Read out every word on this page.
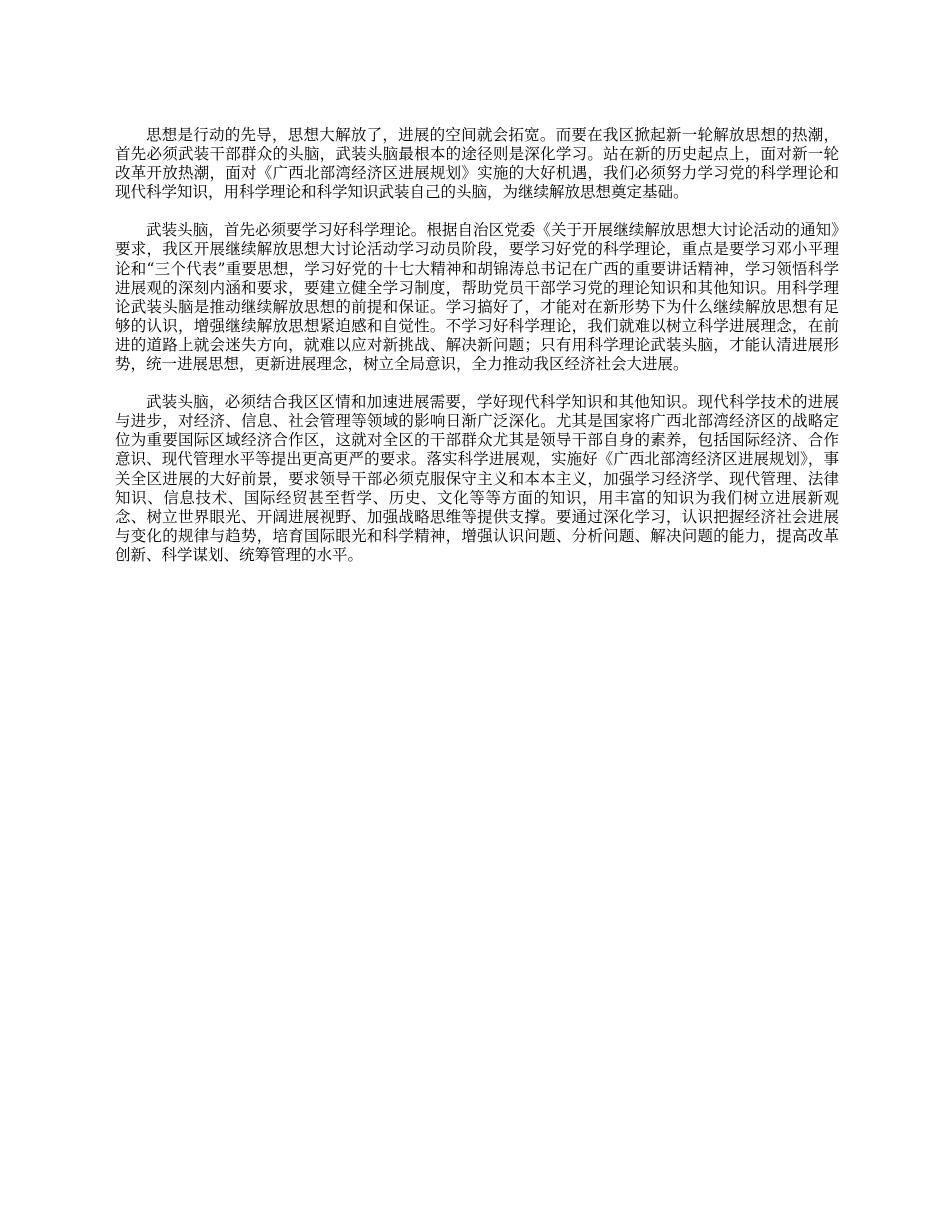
思想是行动的先导，思想大解放了，进展的空间就会拓宽。而要在我区掀起新一轮解放思想的热潮，首先必须武装干部群众的头脑，武装头脑最根本的途径则是深化学习。站在新的历史起点上，面对新一轮改革开放热潮，面对《广西北部湾经济区进展规划》实施的大好机遇，我们必须努力学习党的科学理论和现代科学知识，用科学理论和科学知识武装自己的头脑，为继续解放思想奠定基础。

武装头脑，首先必须要学习好科学理论。根据自治区党委《关于开展继续解放思想大讨论活动的通知》要求，我区开展继续解放思想大讨论活动学习动员阶段，要学习好党的科学理论，重点是要学习邓小平理论和“三个代表”重要思想，学习好党的十七大精神和胡锦涛总书记在广西的重要讲话精神，学习领悟科学进展观的深刻内涵和要求，要建立健全学习制度，帮助党员干部学习党的理论知识和其他知识。用科学理论武装头脑是推动继续解放思想的前提和保证。学习搞好了，才能对在新形势下为什么继续解放思想有足够的认识，增强继续解放思想紧迫感和自觉性。不学习好科学理论，我们就难以树立科学进展理念，在前进的道路上就会迷失方向，就难以应对新挑战、解决新问题；只有用科学理论武装头脑，才能认清进展形势，统一进展思想，更新进展理念，树立全局意识，全力推动我区经济社会大进展。

武装头脑，必须结合我区区情和加速进展需要，学好现代科学知识和其他知识。现代科学技术的进展与进步，对经济、信息、社会管理等领域的影响日渐广泛深化。尤其是国家将广西北部湾经济区的战略定位为重要国际区域经济合作区，这就对全区的干部群众尤其是领导干部自身的素养，包括国际经济、合作意识、现代管理水平等提出更高更严的要求。落实科学进展观，实施好《广西北部湾经济区进展规划》，事关全区进展的大好前景，要求领导干部必须克服保守主义和本本主义，加强学习经济学、现代管理、法律知识、信息技术、国际经贸甚至哲学、历史、文化等等方面的知识，用丰富的知识为我们树立进展新观念、树立世界眼光、开阔进展视野、加强战略思维等提供支撑。要通过深化学习，认识把握经济社会进展与变化的规律与趋势，培育国际眼光和科学精神，增强认识问题、分析问题、解决问题的能力，提高改革创新、科学谋划、统筹管理的水平。
